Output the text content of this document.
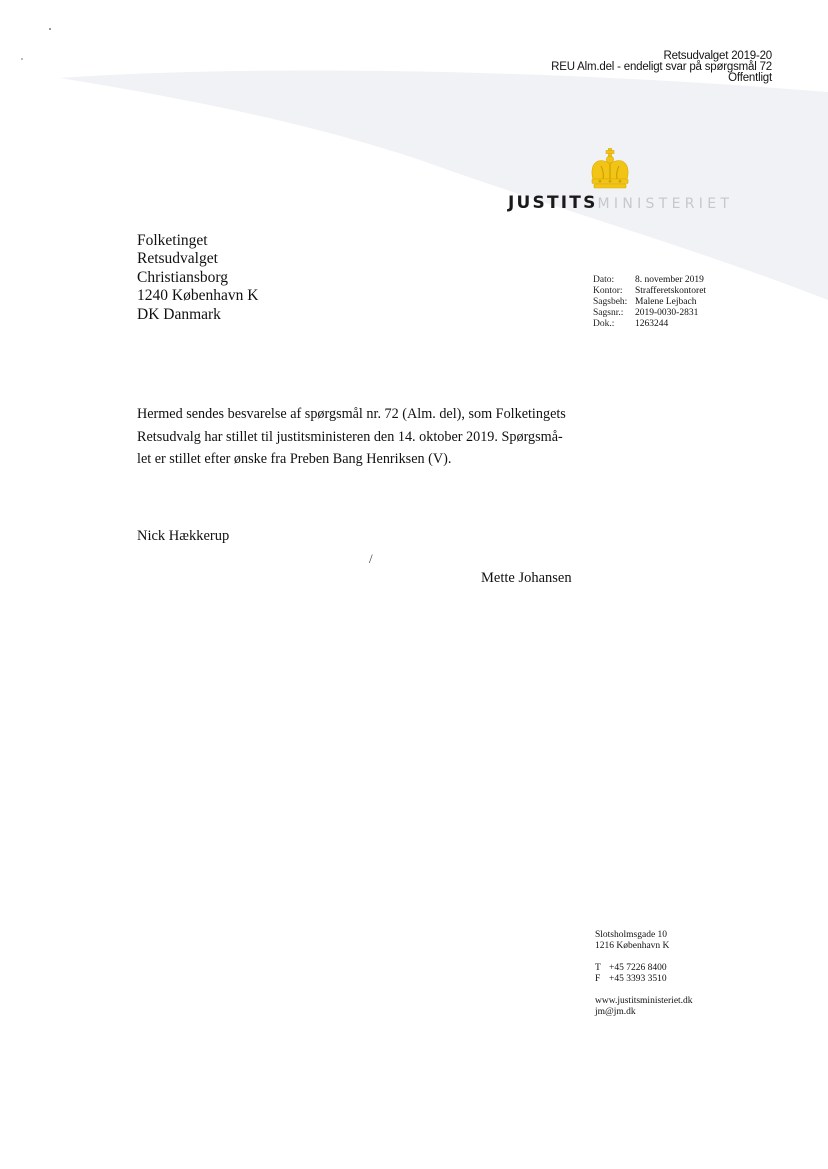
Retsudvalget 2019-20
REU Alm.del - endeligt svar på spørgsmål 72
Offentligt
JUSTITSMINISTERIET
Folketinget
Retsudvalget
Christiansborg
1240 København K
DK Danmark
Dato:	8. november 2019
Kontor:	Strafferetskontoret
Sagsbeh: Malene Lejbach
Sagsnr.:	2019-0030-2831
Dok.:	1263244
Hermed sendes besvarelse af spørgsmål nr. 72 (Alm. del), som Folketingets
Retsudvalg har stillet til justitsministeren den 14. oktober 2019. Spørgsmå-
let er stillet efter ønske fra Preben Bang Henriksen (V).
Nick Hækkerup
/
Mette Johansen
Slotsholmsgade 10
1216 København K
T +45 7226 8400
F +45 3393 3510
www.justitsministeriet.dk
jm@jm.dk
